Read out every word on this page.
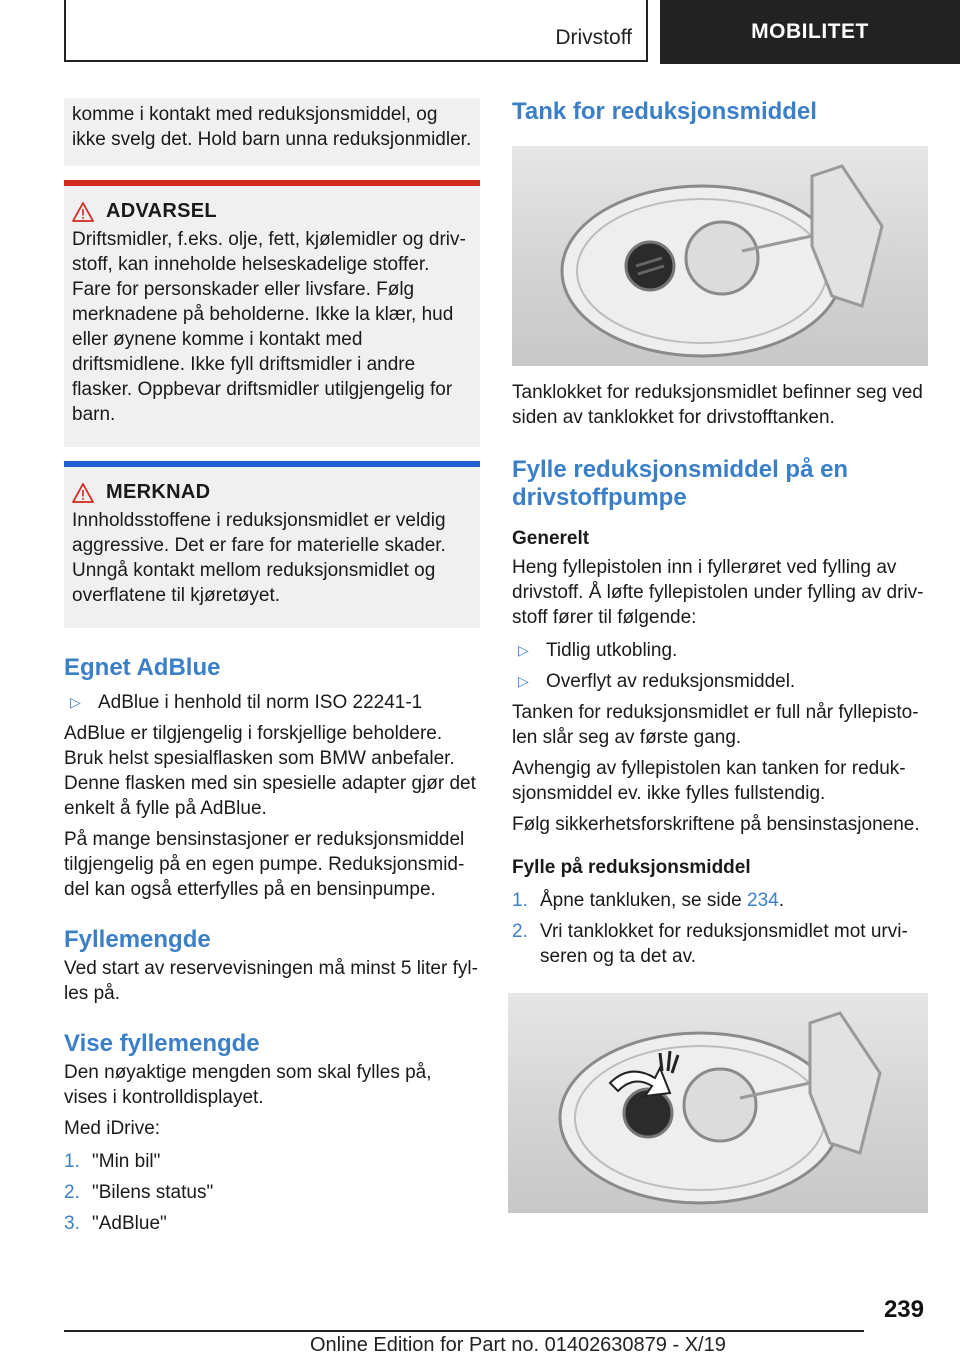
Drivstoff	MOBILITET

komme i kontakt med reduksjonsmiddel, og ikke svelg det. Hold barn unna reduksjonmidler.

ADVARSEL

Driftsmidler, f.eks. olje, fett, kjølemidler og drivstoff, kan inneholde helseskadelige stoffer. Fare for personskader eller livsfare. Følg merknadene på beholderne. Ikke la klær, hud eller øynene komme i kontakt med driftsmidlene. Ikke fyll driftsmidler i andre flasker. Oppbevar driftsmidler utilgjengelig for barn.

MERKNAD

Innholdsstoffene i reduksjonsmidlet er veldig aggressive. Det er fare for materielle skader. Unngå kontakt mellom reduksjonsmidlet og overflatene til kjøretøyet.

Egnet AdBlue
▷ AdBlue i henhold til norm ISO 22241-1

AdBlue er tilgjengelig i forskjellige beholdere. Bruk helst spesialflasken som BMW anbefaler. Denne flasken med sin spesielle adapter gjør det enkelt å fylle på AdBlue.

På mange bensinstasjoner er reduksjonsmiddel tilgjengelig på en egen pumpe. Reduksjonsmiddel kan også etterfylles på en bensinpumpe.

Fyllemengde

Ved start av reservevisningen må minst 5 liter fylles på.

Vise fyllemengde

Den nøyaktige mengden som skal fylles på, vises i kontrolldisplayet.

Med iDrive:

1. "Min bil"
2. "Bilens status"
3. "AdBlue"
Tank for reduksjonsmiddel

Tanklokket for reduksjonsmidlet befinner seg ved siden av tanklokket for drivstofftanken.

Fylle reduksjonsmiddel på en drivstoffpumpe
Generelt

Heng fyllepistolen inn i fyllerøret ved fylling av drivstoff. Å løfte fyllepistolen under fylling av drivstoff fører til følgende:

▷ Tidlig utkobling.
▷ Overflyt av reduksjonsmiddel.

Tanken for reduksjonsmidlet er full når fyllepistolen slår seg av første gang.

Avhengig av fyllepistolen kan tanken for reduksjonsmiddel ev. ikke fylles fullstendig.

Følg sikkerhetsforskriftene på bensinstasjonene.

Fylle på reduksjonsmiddel
1. Åpne tankluken, se side 234.
2. Vri tanklokket for reduksjonsmidlet mot urviseren og ta det av.
239
Online Edition for Part no. 01402630879 - X/19
